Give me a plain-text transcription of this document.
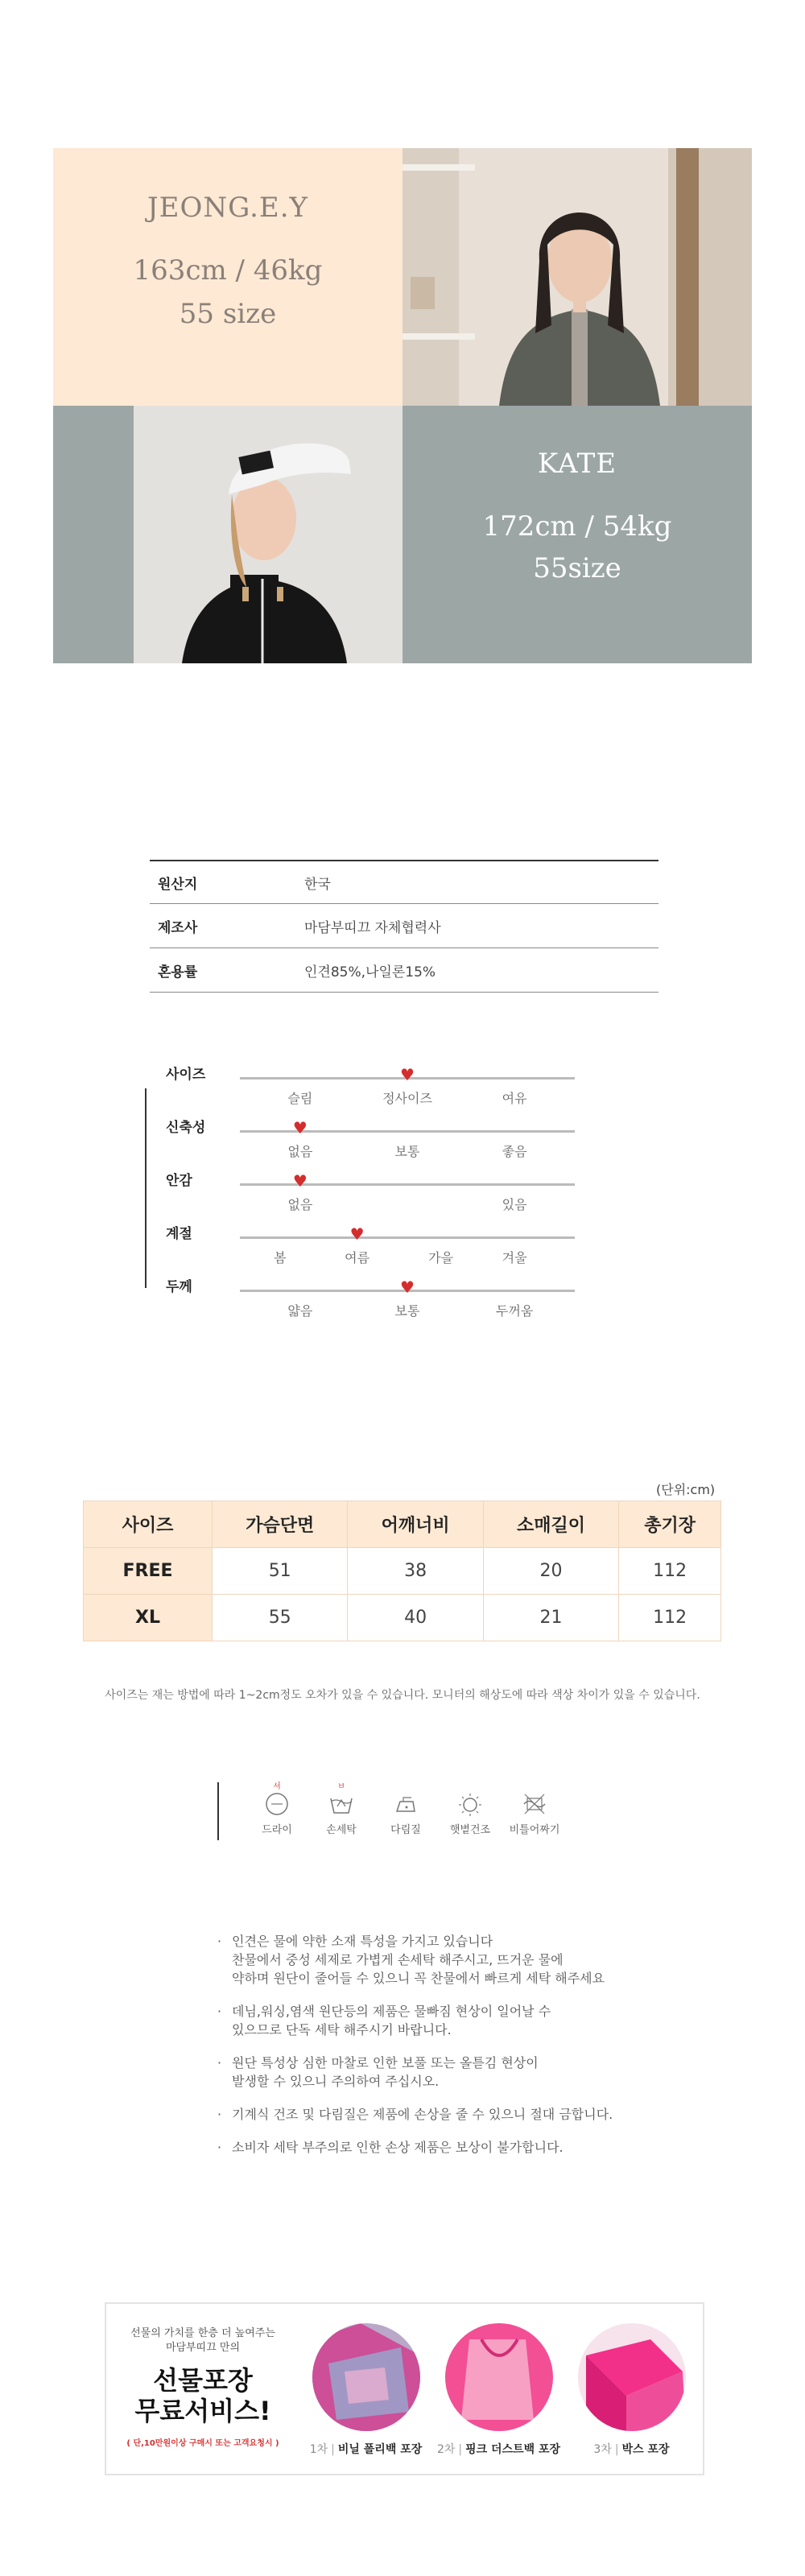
JEONG.E.Y
163cm / 46kg
55 size
KATE
172cm / 54kg
55size
원산지	한국
제조사	마담부띠끄 자체협력사
혼용률	인견85%,나일론15%
사이즈
슬림	정사이즈	여유
♥
신축성
없음	보통	좋음
♥
안감
없음	있음
♥
계절
봄	여름	가을	겨울
♥
두께
얇음	보통	두꺼움
♥
(단위:cm)
사이즈	가슴단면	어깨너비	소매길이	총기장
FREE	51	38	20	112
XL	55	40	21	112
사이즈는 재는 방법에 따라 1~2cm정도 오차가 있을 수 있습니다. 모니터의 해상도에 따라 색상 차이가 있을 수 있습니다.
셔
드라이
ㅂ
손세탁	다림질	햇볕건조	비틀어짜기
· 인견은 물에 약한 소재 특성을 가지고 있습니다
찬물에서 중성 세제로 가볍게 손세탁 해주시고, 뜨거운 물에
약하며 원단이 줄어들 수 있으니 꼭 찬물에서 빠르게 세탁 해주세요
· 데님,워싱,염색 원단등의 제품은 물빠짐 현상이 일어날 수
있으므로 단독 세탁 해주시기 바랍니다.
· 원단 특성상 심한 마찰로 인한 보풀 또는 올튿김 현상이
발생할 수 있으니 주의하여 주십시오.
· 기계식 건조 및 다림질은 제품에 손상을 줄 수 있으니 절대 금합니다.
· 소비자 세탁 부주의로 인한 손상 제품은 보상이 불가합니다.
선물의 가치를 한층 더 높여주는
마담부띠끄 만의
선물포장
무료서비스!
( 단,10만원이상 구매시 또는 고객요청시 )	1차 | 비닐 폴리백 포장	2차 | 핑크 더스트백 포장	3차 | 박스 포장
